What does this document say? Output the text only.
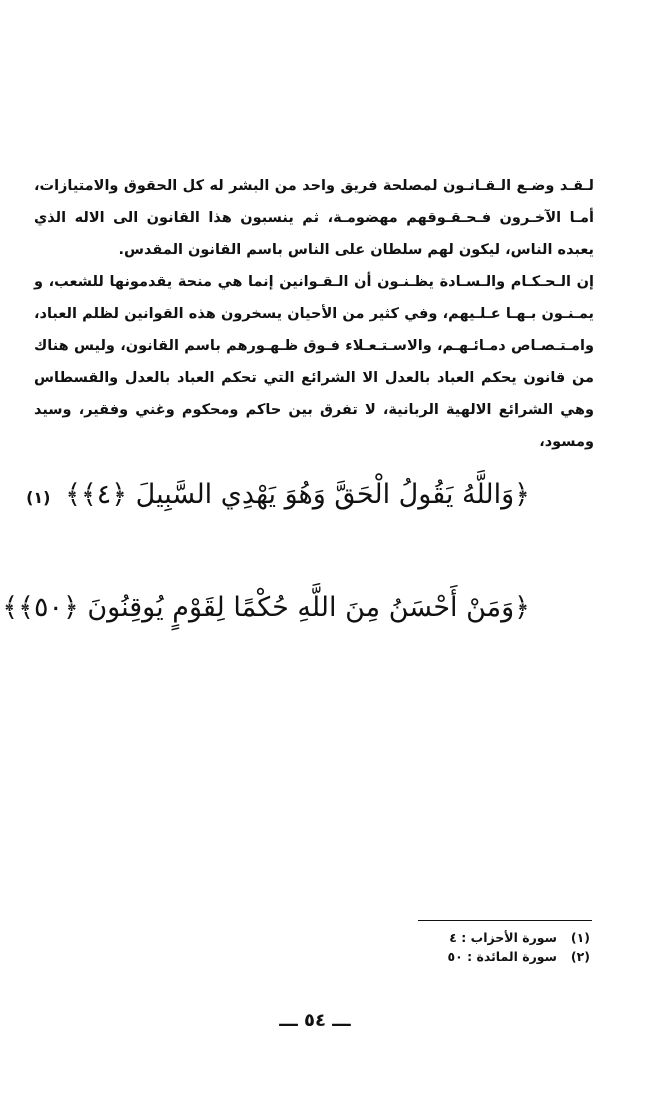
لـقـد وضـع الـقـانـون لمصلحة فريق واحد من البشر له كل الحقوق والامتيازات، أمـا الآخـرون فـحـقـوقهم مهضومـة، ثم ينسبون هذا القانون الى الاله الذي يعبده الناس، ليكون لهم سلطان على الناس باسم القانون المقدس.

إن الـحـكـام والـسـادة يظـنـون أن الـقـوانين إنما هي منحة يقدمونها للشعب، و يمـنـون بـهـا عـلـيهم، وفي كثير من الأحيان يسخرون هذه القوانين لظلم العباد، وامـتـصـاص دمـائـهـم، والاسـتـعـلاء فـوق ظـهـورهم باسم القانون، وليس هناك من قانون يحكم العباد بالعدل الا الشرائع التي تحكم العباد بالعدل والقسطاس وهي الشرائع الالهية الربانية، لا تفرق بين حاكم ومحكوم وغني وفقير، وسيد ومسود،

﴿وَاللَّهُ يَقُولُ الْحَقَّ وَهُوَ يَهْدِي السَّبِيلَ ﴿٤﴾﴾ (١)
﴿وَمَنْ أَحْسَنُ مِنَ اللَّهِ حُكْمًا لِقَوْمٍ يُوقِنُونَ ﴿٥٠﴾﴾
(١)
سورة الأحزاب : ٤
(٢)
سورة المائدة : ٥٠
ـــ ٥٤ ـــ
